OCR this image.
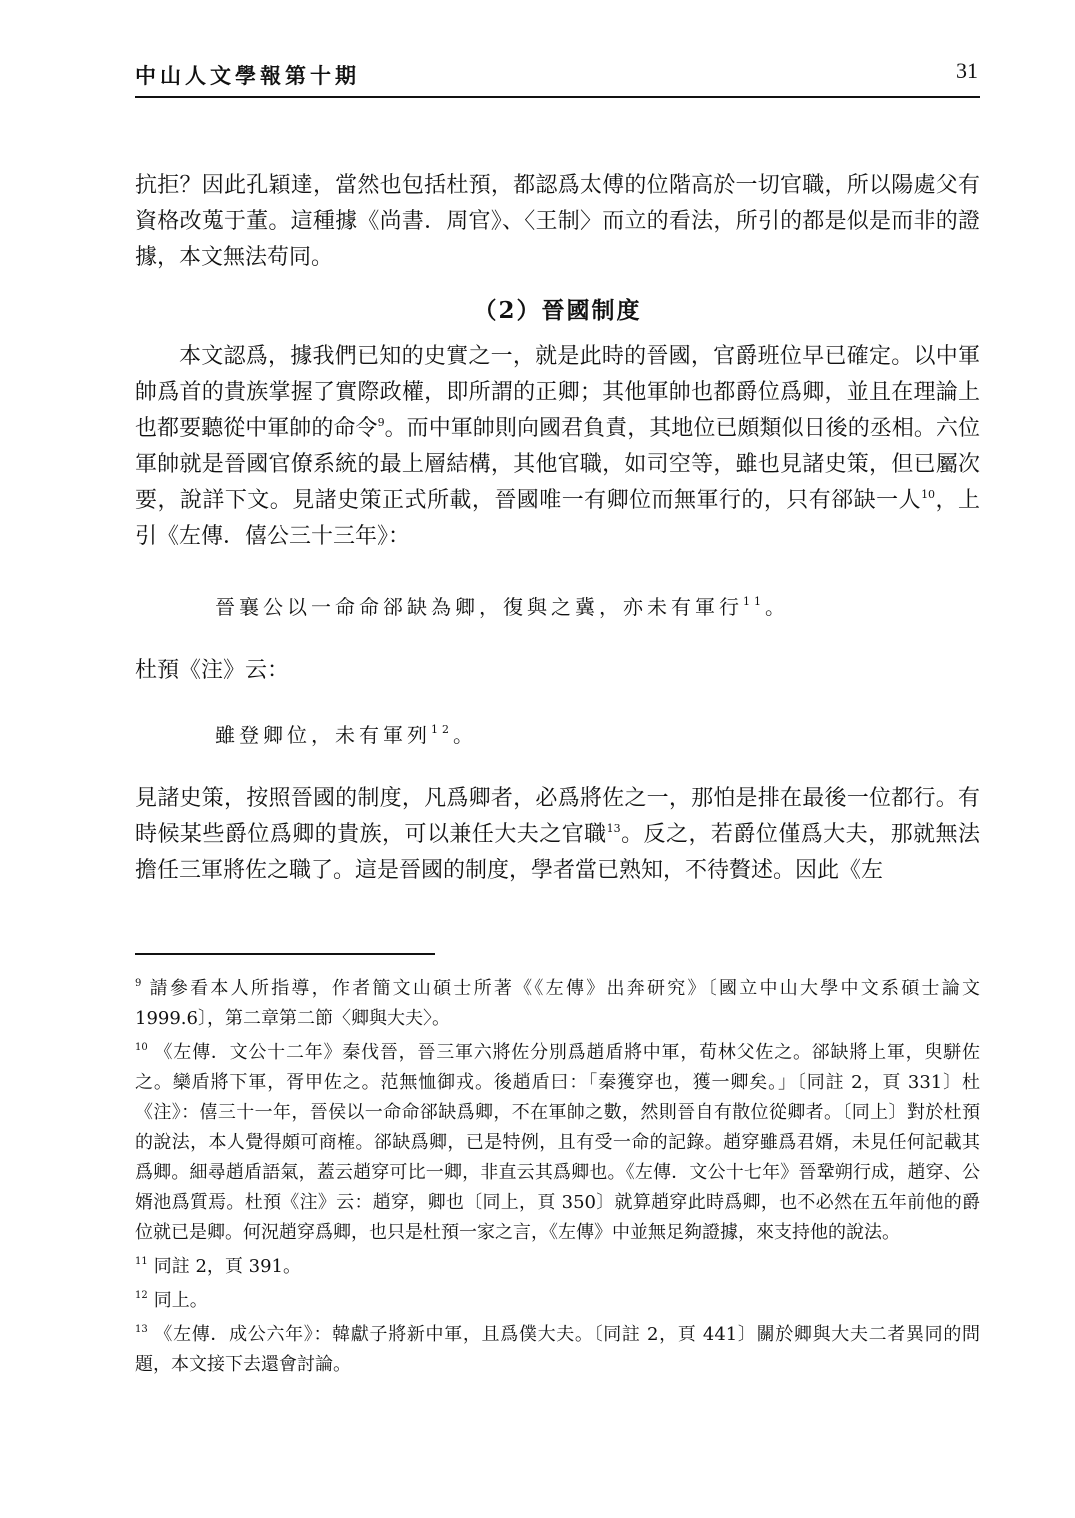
中山人文學報第十期	31

抗拒？因此孔穎達，當然也包括杜預，都認爲太傅的位階高於一切官職，所以陽處父有資格改蒐于董。這種據《尚書．周官》、〈王制〉而立的看法，所引的都是似是而非的證據，本文無法苟同。

（2）晉國制度

本文認爲，據我們已知的史實之一，就是此時的晉國，官爵班位早已確定。以中軍帥爲首的貴族掌握了實際政權，即所謂的正卿；其他軍帥也都爵位爲卿，並且在理論上也都要聽從中軍帥的命令$^9$。而中軍帥則向國君負責，其地位已頗類似日後的丞相。六位軍帥就是晉國官僚系統的最上層結構，其他官職，如司空等，雖也見諸史策，但已屬次要，說詳下文。見諸史策正式所載，晉國唯一有卿位而無軍行的，只有郤缺一人$^{10}$，上引《左傳．僖公三十三年》：

晉襄公以一命命郤缺為卿，復與之冀，亦未有軍行$^{11}$。

杜預《注》云：

雖登卿位，未有軍列$^{12}$。

見諸史策，按照晉國的制度，凡爲卿者，必爲將佐之一，那怕是排在最後一位都行。有時候某些爵位爲卿的貴族，可以兼任大夫之官職$^{13}$。反之，若爵位僅爲大夫，那就無法擔任三軍將佐之職了。這是晉國的制度，學者當已熟知，不待贅述。因此《左

$^9$ 請參看本人所指導，作者簡文山碩士所著《《左傳》出奔研究》〔國立中山大學中文系碩士論文 1999.6〕，第二章第二節〈卿與大夫〉。

$^{10}$ 《左傳．文公十二年》秦伐晉，晉三軍六將佐分別爲趙盾將中軍，荀林父佐之。郤缺將上軍，臾駢佐之。欒盾將下軍，胥甲佐之。范無恤御戎。後趙盾曰：「秦獲穿也，獲一卿矣。」〔同註 2，頁 331〕杜《注》：僖三十一年，晉侯以一命命郤缺爲卿，不在軍帥之數，然則晉自有散位從卿者。〔同上〕對於杜預的說法，本人覺得頗可商榷。郤缺爲卿，已是特例，且有受一命的記錄。趙穿雖爲君婿，未見任何記載其爲卿。細尋趙盾語氣，蓋云趙穿可比一卿，非直云其爲卿也。《左傳．文公十七年》晉鞏朔行成，趙穿、公婿池爲質焉。杜預《注》云：趙穿，卿也〔同上，頁 350〕就算趙穿此時爲卿，也不必然在五年前他的爵位就已是卿。何況趙穿爲卿，也只是杜預一家之言，《左傳》中並無足夠證據，來支持他的說法。

$^{11}$ 同註 2，頁 391。

$^{12}$ 同上。

$^{13}$ 《左傳．成公六年》：韓獻子將新中軍，且爲僕大夫。〔同註 2，頁 441〕關於卿與大夫二者異同的問題，本文接下去還會討論。
